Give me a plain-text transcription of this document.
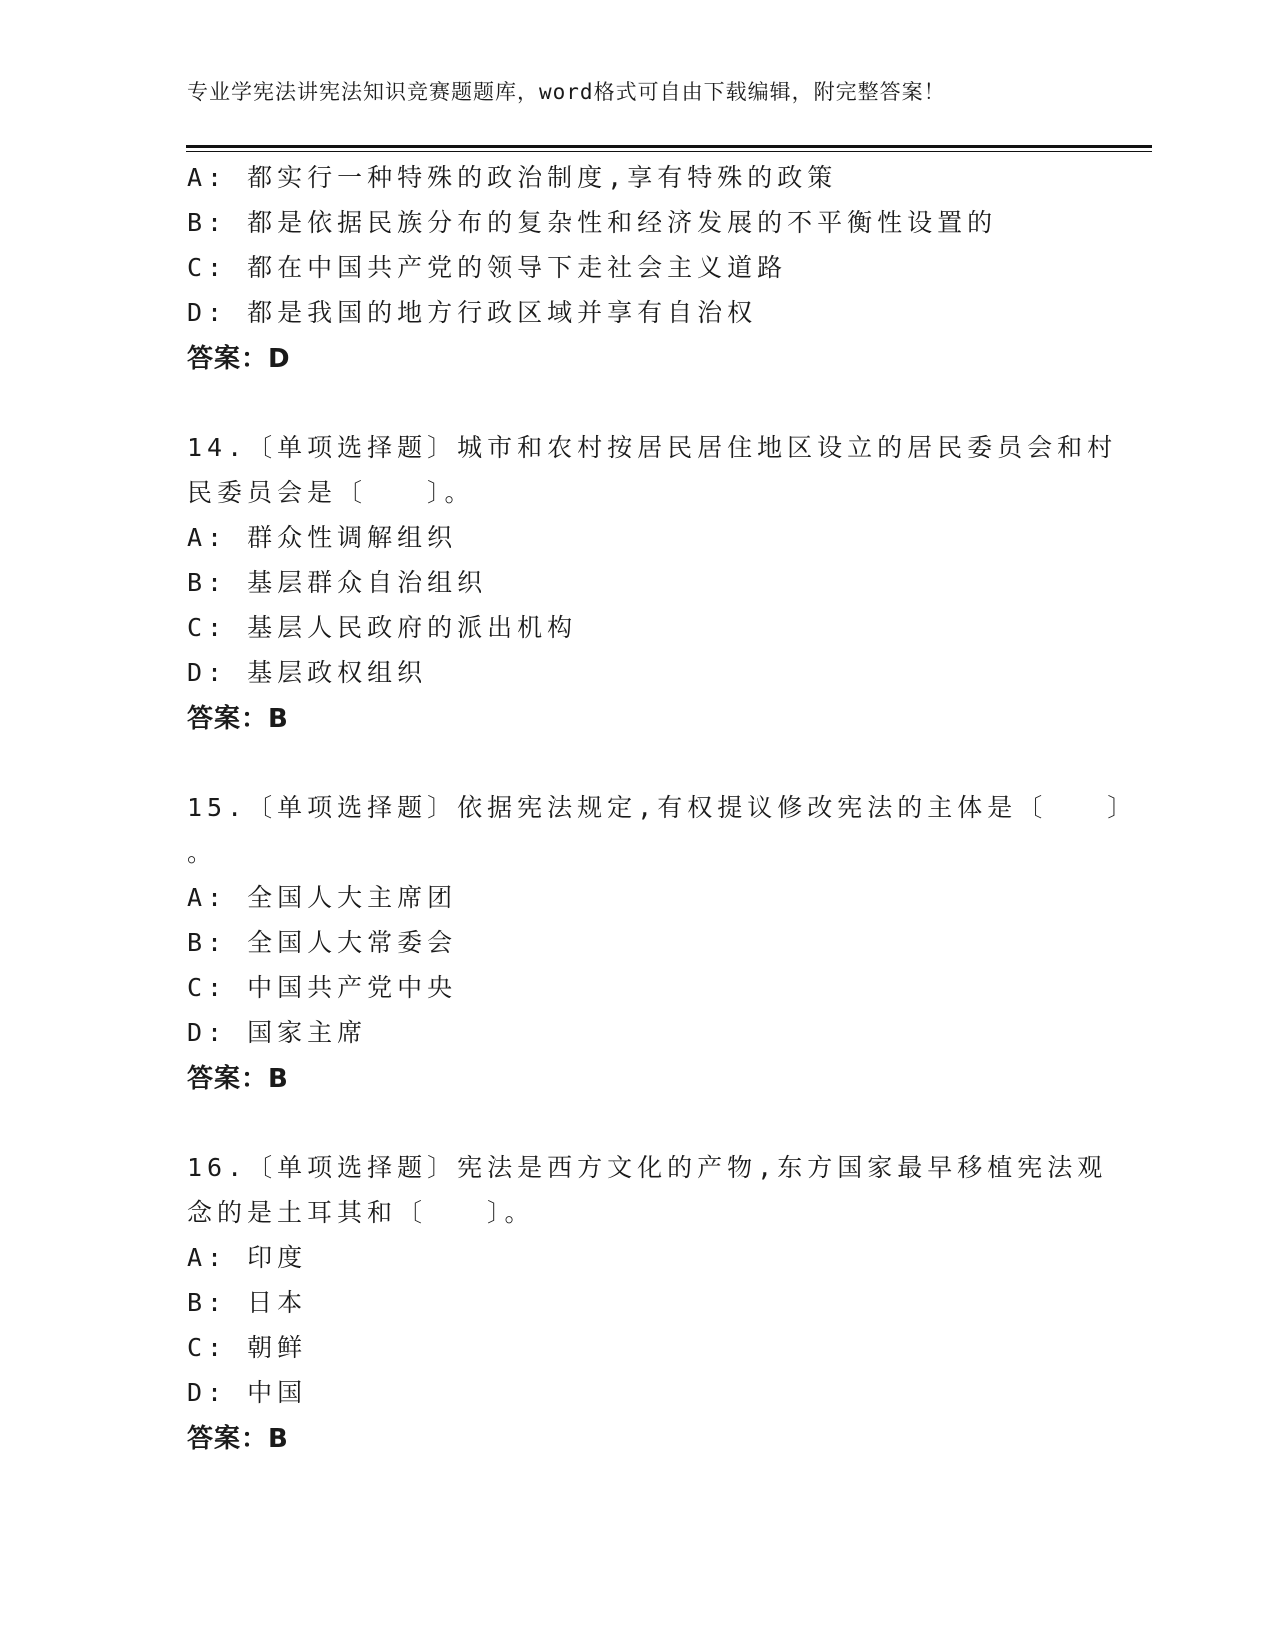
专业学宪法讲宪法知识竞赛题题库，word格式可自由下载编辑，附完整答案！
A: 都实行一种特殊的政治制度,享有特殊的政策
B: 都是依据民族分布的复杂性和经济发展的不平衡性设置的
C: 都在中国共产党的领导下走社会主义道路
D: 都是我国的地方行政区域并享有自治权
答案：D
14.〔单项选择题〕城市和农村按居民居住地区设立的居民委员会和村
民委员会是〔　　〕。
A: 群众性调解组织
B: 基层群众自治组织
C: 基层人民政府的派出机构
D: 基层政权组织
答案：B
15.〔单项选择题〕依据宪法规定,有权提议修改宪法的主体是〔　　〕
。
A: 全国人大主席团
B: 全国人大常委会
C: 中国共产党中央
D: 国家主席
答案：B
16.〔单项选择题〕宪法是西方文化的产物,东方国家最早移植宪法观
念的是土耳其和〔　　〕。
A: 印度
B: 日本
C: 朝鲜
D: 中国
答案：B
